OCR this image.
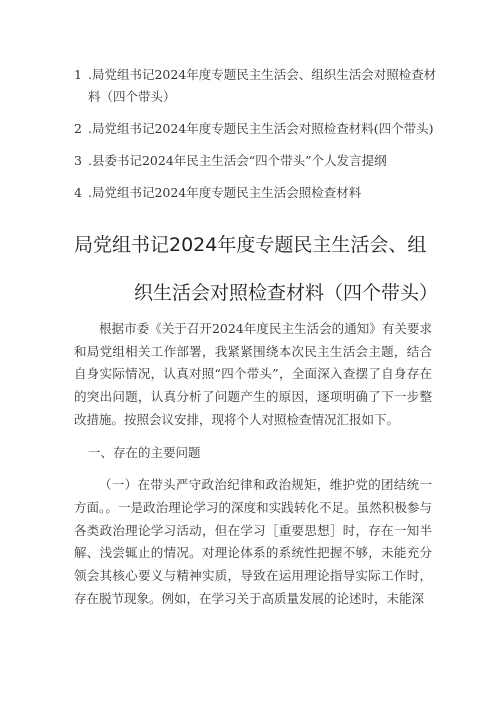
1 .局党组书记2024年度专题民主生活会、组织生活会对照检查材
料（四个带头）
2 .局党组书记2024年度专题民主生活会对照检查材料(四个带头)
3 .县委书记2024年民主生活会“四个带头”个人发言提纲
4 .局党组书记2024年度专题民主生活会照检查材料
局党组书记2024年度专题民主生活会、组
织生活会对照检查材料（四个带头）

根据市委《关于召开2024年度民主生活会的通知》有关要求和局党组相关工作部署，我紧紧围绕本次民主生活会主题，结合自身实际情况，认真对照“四个带头”，全面深入查摆了自身存在的突出问题，认真分析了问题产生的原因，逐项明确了下一步整改措施。按照会议安排，现将个人对照检查情况汇报如下。

一、存在的主要问题

（一）在带头严守政治纪律和政治规矩，维护党的团结统一方面。。一是政治理论学习的深度和实践转化不足。虽然积极参与各类政治理论学习活动，但在学习［重要思想］时，存在一知半解、浅尝辄止的情况。对理论体系的系统性把握不够，未能充分领会其核心要义与精神实质，导致在运用理论指导实际工作时，存在脱节现象。例如，在学习关于高质量发展的论述时，未能深
